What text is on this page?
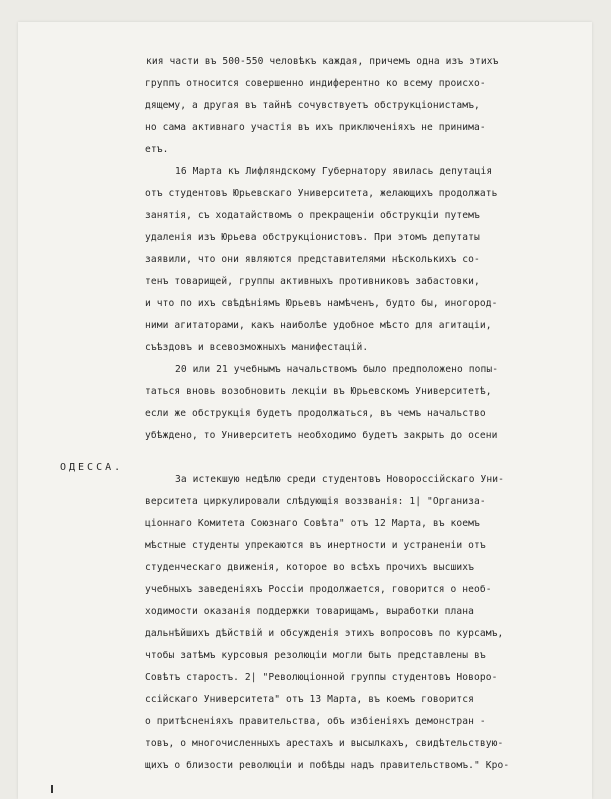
кия части въ 500-550 человѣкъ каждая, причемъ одна изъ этихъ
группъ относится совершенно индиферентно ко всему происхо-
дящему, а другая въ тайнѣ сочувствуетъ обструкціонистамъ,
но сама активнаго участія въ ихъ приключеніяхъ не принима-
етъ.
16 Марта къ Лифляндскому Губернатору явилась депутація
отъ студентовъ Юрьевскаго Университета, желающихъ продолжать
занятія, съ ходатайствомъ о прекращеніи обструкціи путемъ
удаленія изъ Юрьева обструкціонистовъ. При этомъ депутаты
заявили, что они являются представителями нѣсколькихъ со-
тенъ товарищей, группы активныхъ противниковъ забастовки,
и что по ихъ свѣдѣніямъ Юрьевъ намѣченъ, будто бы, иногород-
ними агитаторами, какъ наиболѣе удобное мѣсто для агитаціи,
съѣздовъ и всевозможныхъ манифестацій.
20 или 21 учебнымъ начальствомъ было предположено попы-
таться вновь возобновить лекціи въ Юрьевскомъ Университетѣ,
если же обструкція будетъ продолжаться, въ чемъ начальство
убѣждено, то Университетъ необходимо будетъ закрыть до осени
ОДЕССА.
За истекшую недѣлю среди студентовъ Новороссійскаго Уни-
верситета циркулировали слѣдующія воззванія: 1| "Организа-
ціоннаго Комитета Союзнаго Совѣта" отъ 12 Марта, въ коемъ
мѣстные студенты упрекаются въ инертности и устраненіи отъ
студенческаго движенія, которое во всѣхъ прочихъ высшихъ
учебныхъ заведеніяхъ Россіи продолжается, говорится о необ-
ходимости оказанія поддержки товарищамъ, выработки плана
дальнѣйшихъ дѣйствій и обсужденія этихъ вопросовъ по курсамъ,
чтобы затѣмъ курсовыя резолюціи могли быть представлены въ
Совѣтъ старостъ. 2| "Революціонной группы студентовъ Новоро-
ссійскаго Университета" отъ 13 Марта, въ коемъ говорится
о притѣсненіяхъ правительства, объ избіеніяхъ демонстран -
товъ, о многочисленныхъ арестахъ и высылкахъ, свидѣтельствую-
щихъ о близости революціи и побѣды надъ правительствомъ." Кро-
